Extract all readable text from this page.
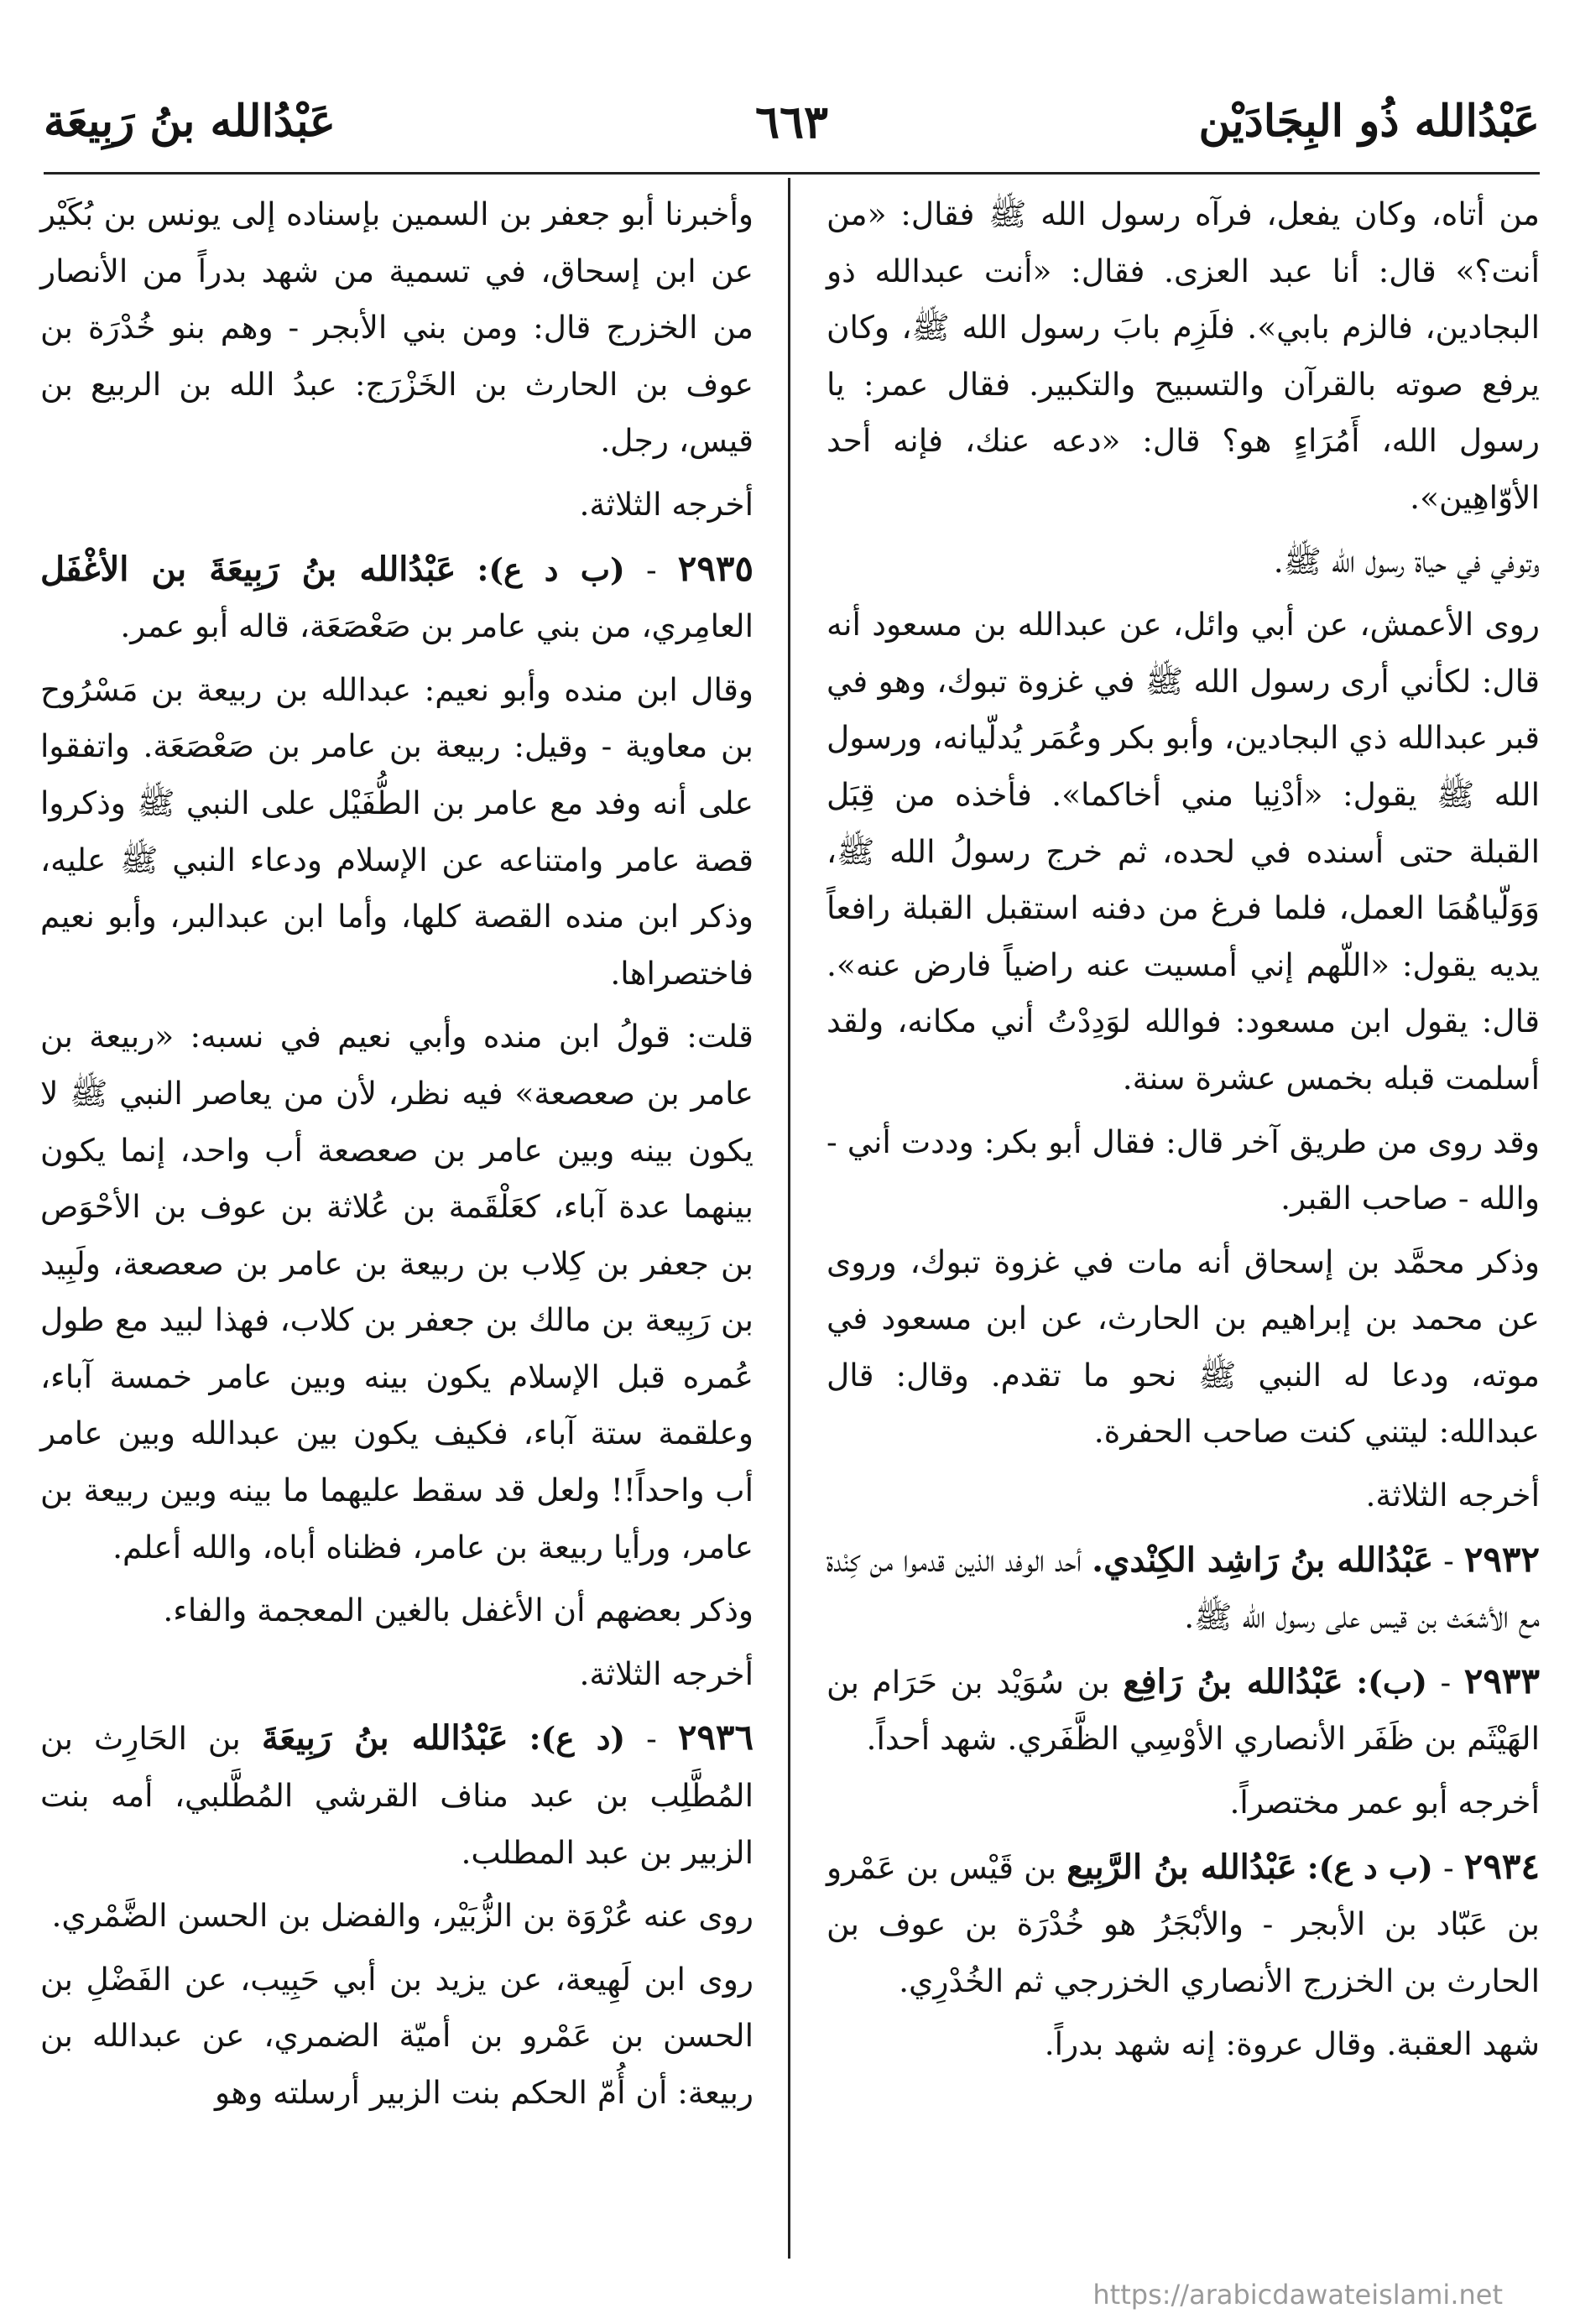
عَبْدُالله ذُو البِجَادَيْن
٦٦٣
عَبْدُالله بنُ رَبِيعَة

من أتاه، وكان يفعل، فرآه رسول الله ﷺ فقال: «من أنت؟» قال: أنا عبد العزى. فقال: «أنت عبدالله ذو البجادين، فالزم بابي». فلَزِم بابَ رسول الله ﷺ، وكان يرفع صوته بالقرآن والتسبيح والتكبير. فقال عمر: يا رسول الله، أَمُرَاءٍ هو؟ قال: «دعه عنك، فإنه أحد الأوّاهِين».

وتوفي في حياة رسول الله ﷺ.

روى الأعمش، عن أبي وائل، عن عبدالله بن مسعود أنه قال: لكأني أرى رسول الله ﷺ في غزوة تبوك، وهو في قبر عبدالله ذي البجادين، وأبو بكر وعُمَر يُدلّيانه، ورسول الله ﷺ يقول: «أدْنِيا مني أخاكما». فأخذه من قِبَل القبلة حتى أسنده في لحده، ثم خرج رسولُ الله ﷺ، وَوَلّياهُمَا العمل، فلما فرغ من دفنه استقبل القبلة رافعاً يديه يقول: «اللّهم إني أمسيت عنه راضياً فارض عنه». قال: يقول ابن مسعود: فوالله لوَدِدْتُ أني مكانه، ولقد أسلمت قبله بخمس عشرة سنة.

وقد روى من طريق آخر قال: فقال أبو بكر: وددت أني - والله - صاحب القبر.

وذكر محمَّد بن إسحاق أنه مات في غزوة تبوك، وروى عن محمد بن إبراهيم بن الحارث، عن ابن مسعود في موته، ودعا له النبي ﷺ نحو ما تقدم. وقال: قال عبدالله: ليتني كنت صاحب الحفرة.

أخرجه الثلاثة.

٢٩٣٢ - عَبْدُالله بنُ رَاشِد الكِنْدي. أحد الوفد الذين قدموا من كِنْدة مع الأشعَث بن قيس على رسول الله ﷺ.

٢٩٣٣ - (ب): عَبْدُالله بنُ رَافِع بن سُوَيْد بن حَرَام بن الهَيْثَم بن ظَفَر الأنصاري الأوْسِي الظَّفَري. شهد أحداً.

أخرجه أبو عمر مختصراً.

٢٩٣٤ - (ب د ع): عَبْدُالله بنُ الرَّبِيع بن قَيْس بن عَمْرو بن عَبّاد بن الأبجر - والأبْجَرُ هو خُدْرَة بن عوف بن الحارث بن الخزرج الأنصاري الخزرجي ثم الخُدْرِي.

شهد العقبة. وقال عروة: إنه شهد بدراً.

وأخبرنا أبو جعفر بن السمين بإسناده إلى يونس بن بُكَيْر عن ابن إسحاق، في تسمية من شهد بدراً من الأنصار من الخزرج قال: ومن بني الأبجر - وهم بنو خُدْرَة بن عوف بن الحارث بن الخَزْرَج: عبدُ الله بن الربيع بن قيس، رجل.

أخرجه الثلاثة.

٢٩٣٥ - (ب د ع): عَبْدُالله بنُ رَبِيعَةَ بن الأغْفَل العامِري، من بني عامر بن صَعْصَعَة، قاله أبو عمر.

وقال ابن منده وأبو نعيم: عبدالله بن ربيعة بن مَسْرُوح بن معاوية - وقيل: ربيعة بن عامر بن صَعْصَعَة. واتفقوا على أنه وفد مع عامر بن الطُّفَيْل على النبي ﷺ وذكروا قصة عامر وامتناعه عن الإسلام ودعاء النبي ﷺ عليه، وذكر ابن منده القصة كلها، وأما ابن عبدالبر، وأبو نعيم فاختصراها.

قلت: قولُ ابن منده وأبي نعيم في نسبه: «ربيعة بن عامر بن صعصعة» فيه نظر، لأن من يعاصر النبي ﷺ لا يكون بينه وبين عامر بن صعصعة أب واحد، إنما يكون بينهما عدة آباء، كعَلْقَمة بن عُلاثة بن عوف بن الأحْوَص بن جعفر بن كِلاب بن ربيعة بن عامر بن صعصعة، ولَبِيد بن رَبِيعة بن مالك بن جعفر بن كلاب، فهذا لبيد مع طول عُمره قبل الإسلام يكون بينه وبين عامر خمسة آباء، وعلقمة ستة آباء، فكيف يكون بين عبدالله وبين عامر أب واحداً!! ولعل قد سقط عليهما ما بينه وبين ربيعة بن عامر، ورأيا ربيعة بن عامر، فظناه أباه، والله أعلم.

وذكر بعضهم أن الأغفل بالغين المعجمة والفاء.

أخرجه الثلاثة.

٢٩٣٦ - (د ع): عَبْدُالله بنُ رَبِيعَةَ بن الحَارِث بن المُطَّلِب بن عبد مناف القرشي المُطَّلبي، أمه بنت الزبير بن عبد المطلب.

روى عنه عُرْوَة بن الزُّبَيْر، والفضل بن الحسن الضَّمْري.

روى ابن لَهِيعة، عن يزيد بن أبي حَبِيب، عن الفَضْلِ بن الحسن بن عَمْرو بن أميّة الضمري، عن عبدالله بن ربيعة: أن أُمّ الحكم بنت الزبير أرسلته وهو

https://arabicdawateislami.net
